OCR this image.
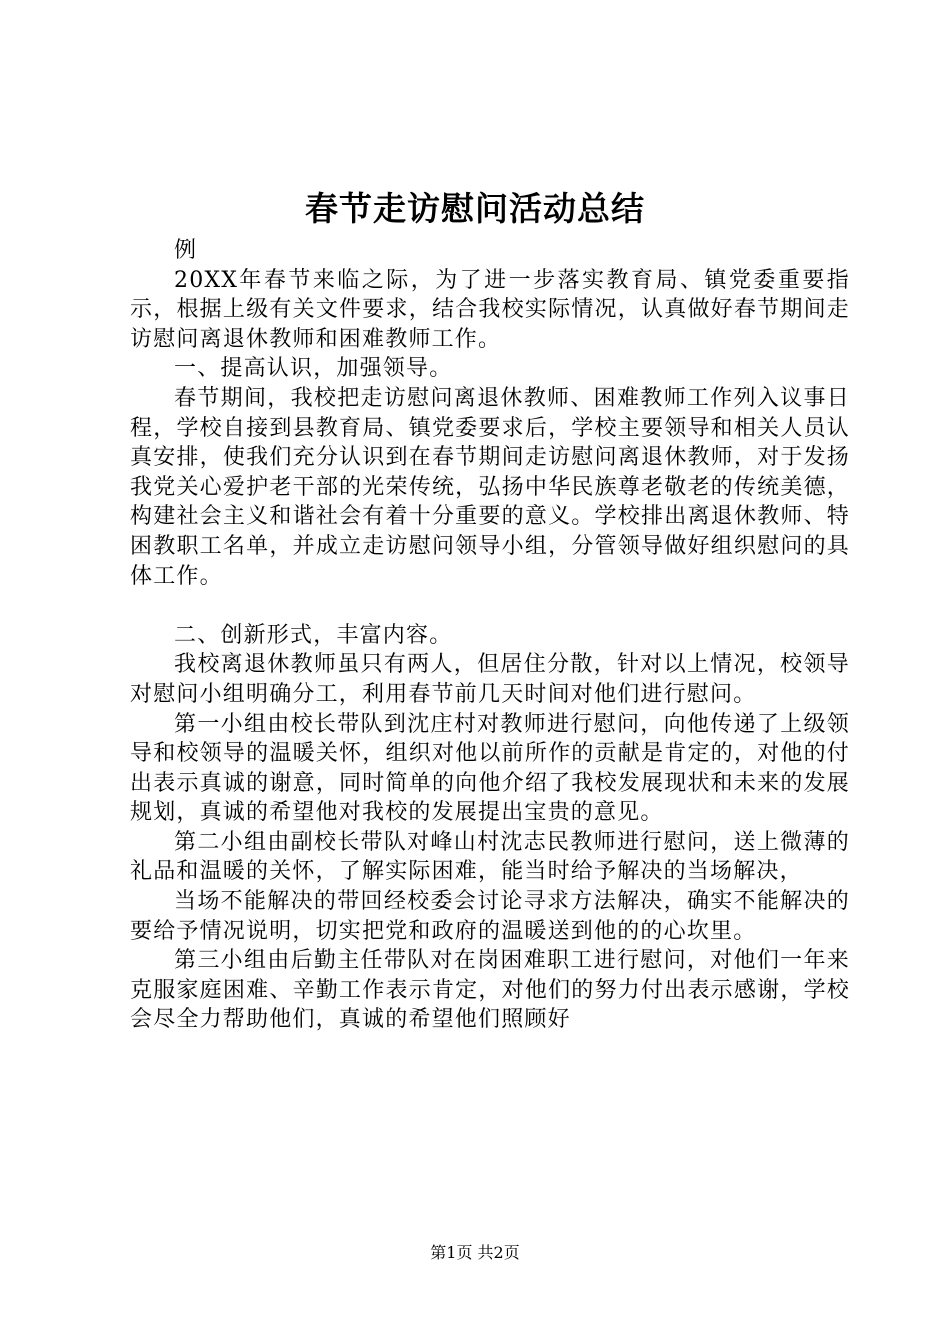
春节走访慰问活动总结

例

20XX年春节来临之际，为了进一步落实教育局、镇党委重要指示，根据上级有关文件要求，结合我校实际情况，认真做好春节期间走访慰问离退休教师和困难教师工作。

一、提高认识，加强领导。

春节期间，我校把走访慰问离退休教师、困难教师工作列入议事日程，学校自接到县教育局、镇党委要求后，学校主要领导和相关人员认真安排，使我们充分认识到在春节期间走访慰问离退休教师，对于发扬我党关心爱护老干部的光荣传统，弘扬中华民族尊老敬老的传统美德，构建社会主义和谐社会有着十分重要的意义。学校排出离退休教师、特困教职工名单，并成立走访慰问领导小组，分管领导做好组织慰问的具体工作。

二、创新形式，丰富内容。

我校离退休教师虽只有两人，但居住分散，针对以上情况，校领导对慰问小组明确分工，利用春节前几天时间对他们进行慰问。

第一小组由校长带队到沈庄村对教师进行慰问，向他传递了上级领导和校领导的温暖关怀，组织对他以前所作的贡献是肯定的，对他的付出表示真诚的谢意，同时简单的向他介绍了我校发展现状和未来的发展规划，真诚的希望他对我校的发展提出宝贵的意见。

第二小组由副校长带队对峰山村沈志民教师进行慰问，送上微薄的礼品和温暖的关怀，了解实际困难，能当时给予解决的当场解决，

当场不能解决的带回经校委会讨论寻求方法解决，确实不能解决的要给予情况说明，切实把党和政府的温暖送到他的的心坎里。

第三小组由后勤主任带队对在岗困难职工进行慰问，对他们一年来克服家庭困难、辛勤工作表示肯定，对他们的努力付出表示感谢，学校会尽全力帮助他们，真诚的希望他们照顾好

第1页 共2页
